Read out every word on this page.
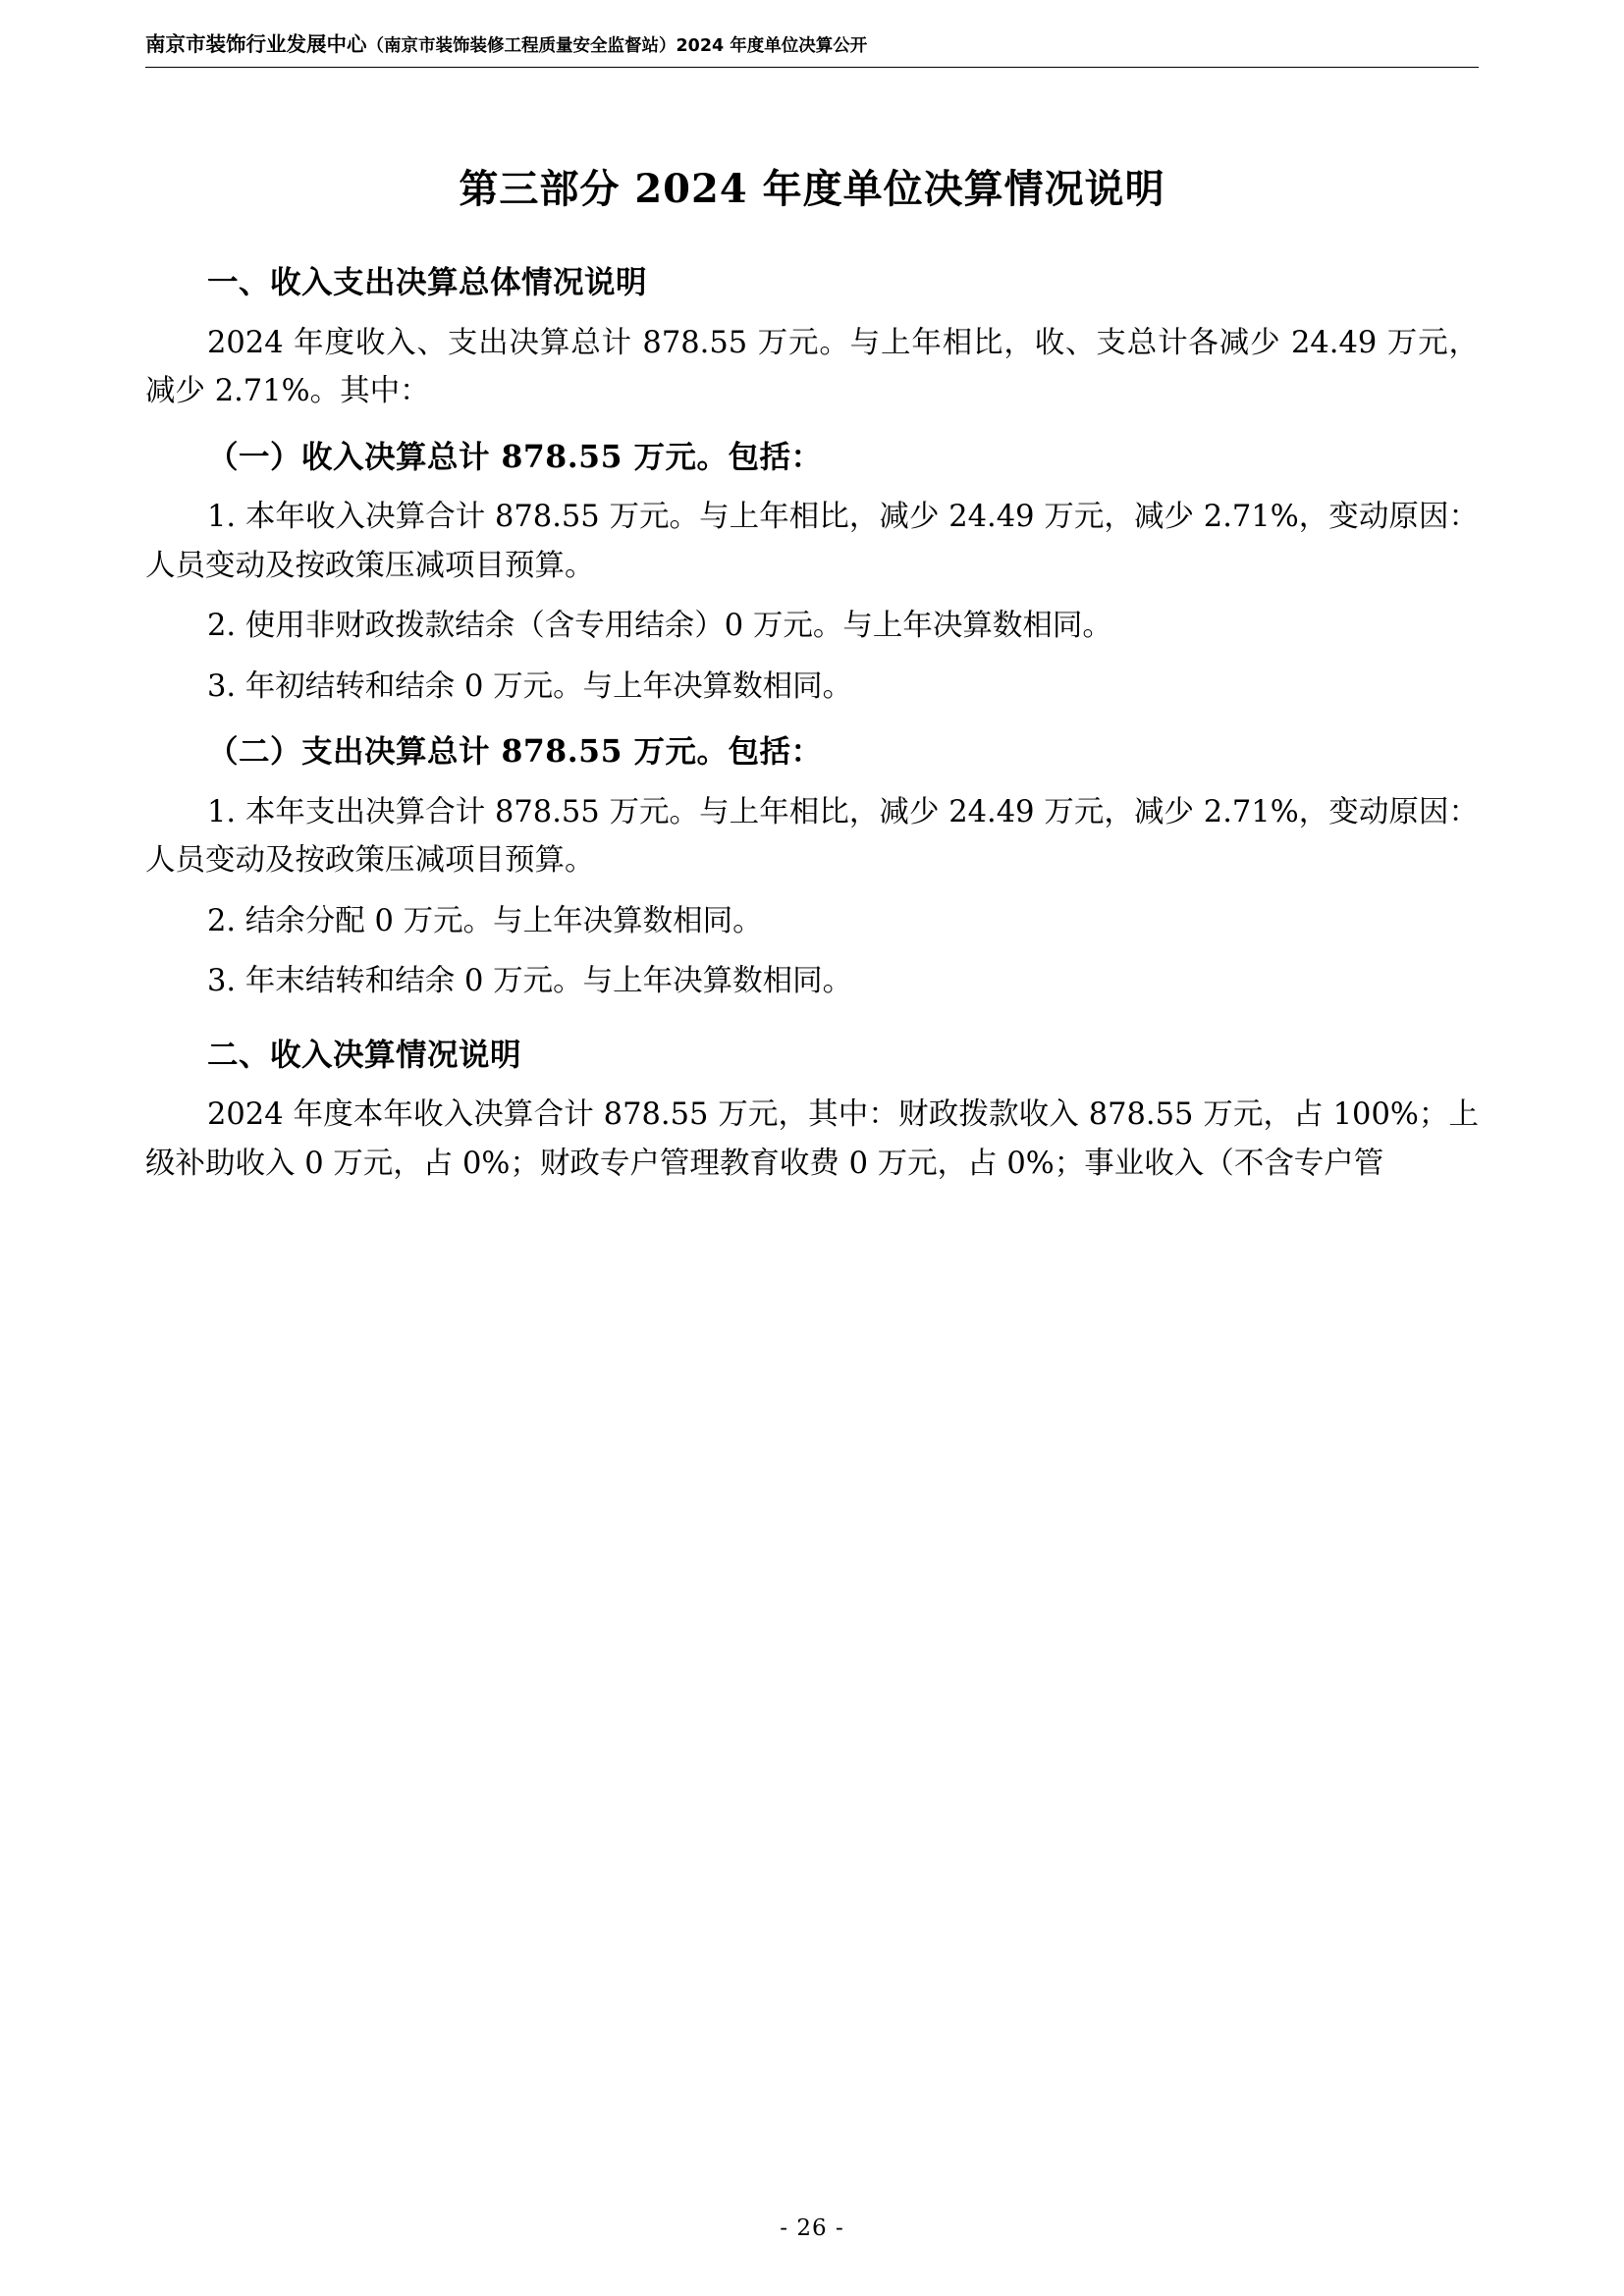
南京市装饰行业发展中心（南京市装饰装修工程质量安全监督站）2024 年度单位决算公开
第三部分 2024 年度单位决算情况说明
一、收入支出决算总体情况说明

2024 年度收入、支出决算总计 878.55 万元。与上年相比，收、支总计各减少 24.49 万元，减少 2.71%。其中：

（一）收入决算总计 878.55 万元。包括：

1. 本年收入决算合计 878.55 万元。与上年相比，减少 24.49 万元，减少 2.71%，变动原因：人员变动及按政策压减项目预算。

2. 使用非财政拨款结余（含专用结余）0 万元。与上年决算数相同。

3. 年初结转和结余 0 万元。与上年决算数相同。

（二）支出决算总计 878.55 万元。包括：

1. 本年支出决算合计 878.55 万元。与上年相比，减少 24.49 万元，减少 2.71%，变动原因：人员变动及按政策压减项目预算。

2. 结余分配 0 万元。与上年决算数相同。

3. 年末结转和结余 0 万元。与上年决算数相同。

二、收入决算情况说明

2024 年度本年收入决算合计 878.55 万元，其中：财政拨款收入 878.55 万元，占 100%；上级补助收入 0 万元，占 0%；财政专户管理教育收费 0 万元，占 0%；事业收入（不含专户管

- 26 -
